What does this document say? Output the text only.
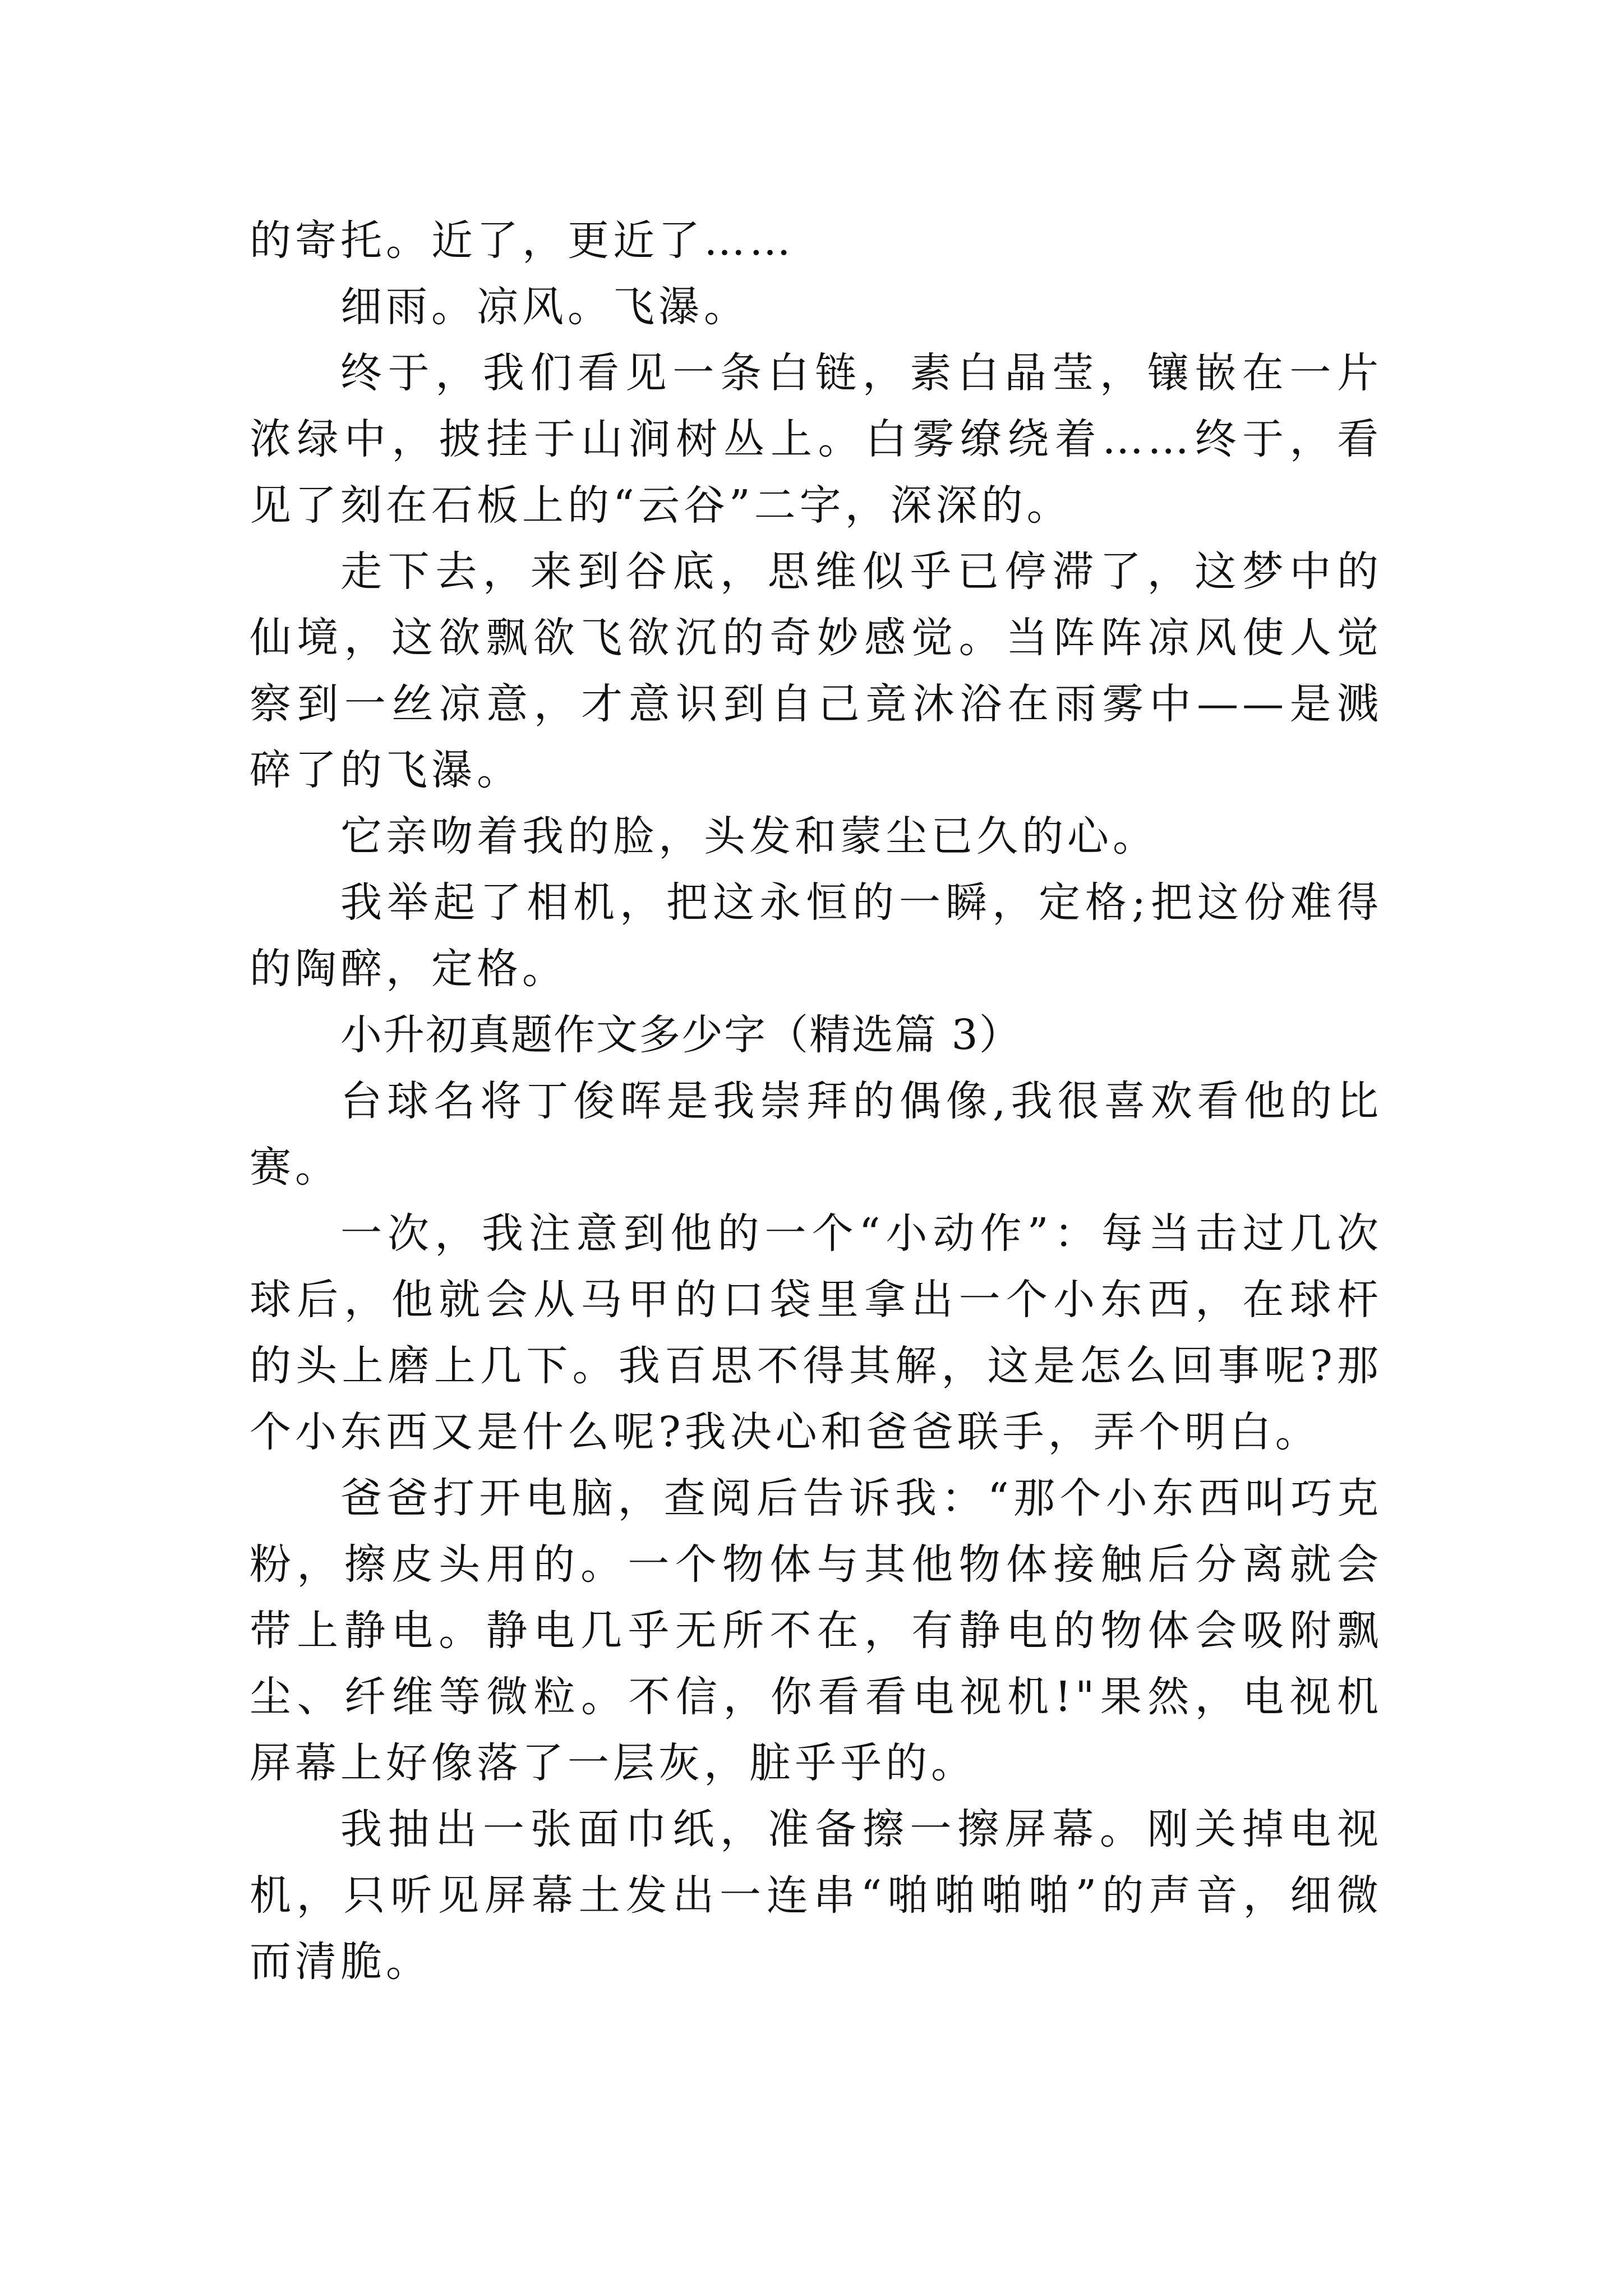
的寄托。近了，更近了……

细雨。凉风。飞瀑。

终于，我们看见一条白链，素白晶莹，镶嵌在一片浓绿中，披挂于山涧树丛上。白雾缭绕着……终于，看见了刻在石板上的“云谷”二字，深深的。

走下去，来到谷底，思维似乎已停滞了，这梦中的仙境，这欲飘欲飞欲沉的奇妙感觉。当阵阵凉风使人觉察到一丝凉意，才意识到自己竟沐浴在雨雾中——是溅碎了的飞瀑。

它亲吻着我的脸，头发和蒙尘已久的心。

我举起了相机，把这永恒的一瞬，定格;把这份难得的陶醉，定格。

小升初真题作文多少字（精选篇 3）

台球名将丁俊晖是我崇拜的偶像,我很喜欢看他的比赛。

一次，我注意到他的一个“小动作”：每当击过几次球后，他就会从马甲的口袋里拿出一个小东西，在球杆的头上磨上几下。我百思不得其解，这是怎么回事呢?那个小东西又是什么呢?我决心和爸爸联手，弄个明白。

爸爸打开电脑，查阅后告诉我：“那个小东西叫巧克粉，擦皮头用的。一个物体与其他物体接触后分离就会带上静电。静电几乎无所不在，有静电的物体会吸附飘尘、纤维等微粒。不信，你看看电视机!"果然，电视机屏幕上好像落了一层灰，脏乎乎的。

我抽出一张面巾纸，准备擦一擦屏幕。刚关掉电视机，只听见屏幕土发出一连串“啪啪啪啪”的声音，细微而清脆。
